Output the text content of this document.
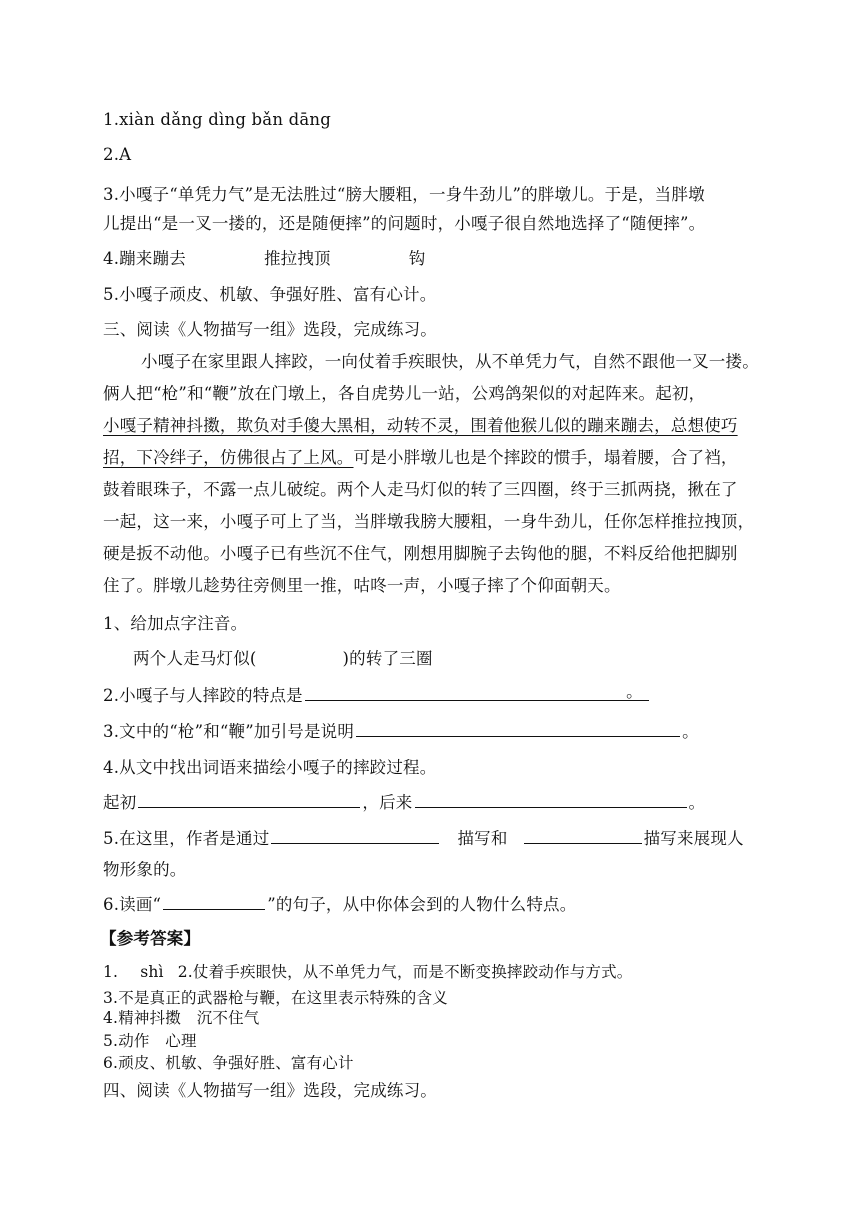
1.xiàn dǎng dìng bǎn dāng
2.A
3.小嘎子“单凭力气”是无法胜过“膀大腰粗，一身牛劲儿”的胖墩儿。于是，当胖墩
儿提出“是一叉一搂的，还是随便摔”的问题时，小嘎子很自然地选择了“随便摔”。
4.蹦来蹦去	推拉拽顶	钩
5.小嘎子顽皮、机敏、争强好胜、富有心计。
三、阅读《人物描写一组》选段，完成练习。
小嘎子在家里跟人摔跤，一向仗着手疾眼快，从不单凭力气，自然不跟他一叉一搂。
俩人把“枪”和“鞭”放在门墩上，各自虎势儿一站，公鸡鸽架似的对起阵来。起初，
小嘎子精神抖擞，欺负对手傻大黑相，动转不灵，围着他猴儿似的蹦来蹦去，总想使巧
招，下冷绊子，仿佛很占了上风。可是小胖墩儿也是个摔跤的惯手，塌着腰，合了裆，
鼓着眼珠子，不露一点儿破绽。两个人走马灯似的转了三四圈，终于三抓两挠，揪在了
一起，这一来，小嘎子可上了当，当胖墩我膀大腰粗，一身牛劲儿，任你怎样推拉拽顶，
硬是扳不动他。小嘎子已有些沉不住气，刚想用脚腕子去钩他的腿，不料反给他把脚别
住了。胖墩儿趁势往旁侧里一推，咕咚一声，小嘎子摔了个仰面朝天。
1、给加点字注音。
两个人走马灯似(	)的转了三圈
2.小嘎子与人摔跤的特点是	。
3.文中的“枪”和“鞭”加引号是说明	。
4.从文中找出词语来描绘小嘎子的摔跤过程。
起初	，后来	。
5.在这里，作者是通过	描写和	描写来展现人
物形象的。
6.读画“	”的句子，从中你体会到的人物什么特点。
【参考答案】
1. shì 2.仗着手疾眼快，从不单凭力气，而是不断变换摔跤动作与方式。
3.不是真正的武器枪与鞭，在这里表示特殊的含义
4.精神抖擞　沉不住气
5.动作　心理
6.顽皮、机敏、争强好胜、富有心计
四、阅读《人物描写一组》选段，完成练习。
